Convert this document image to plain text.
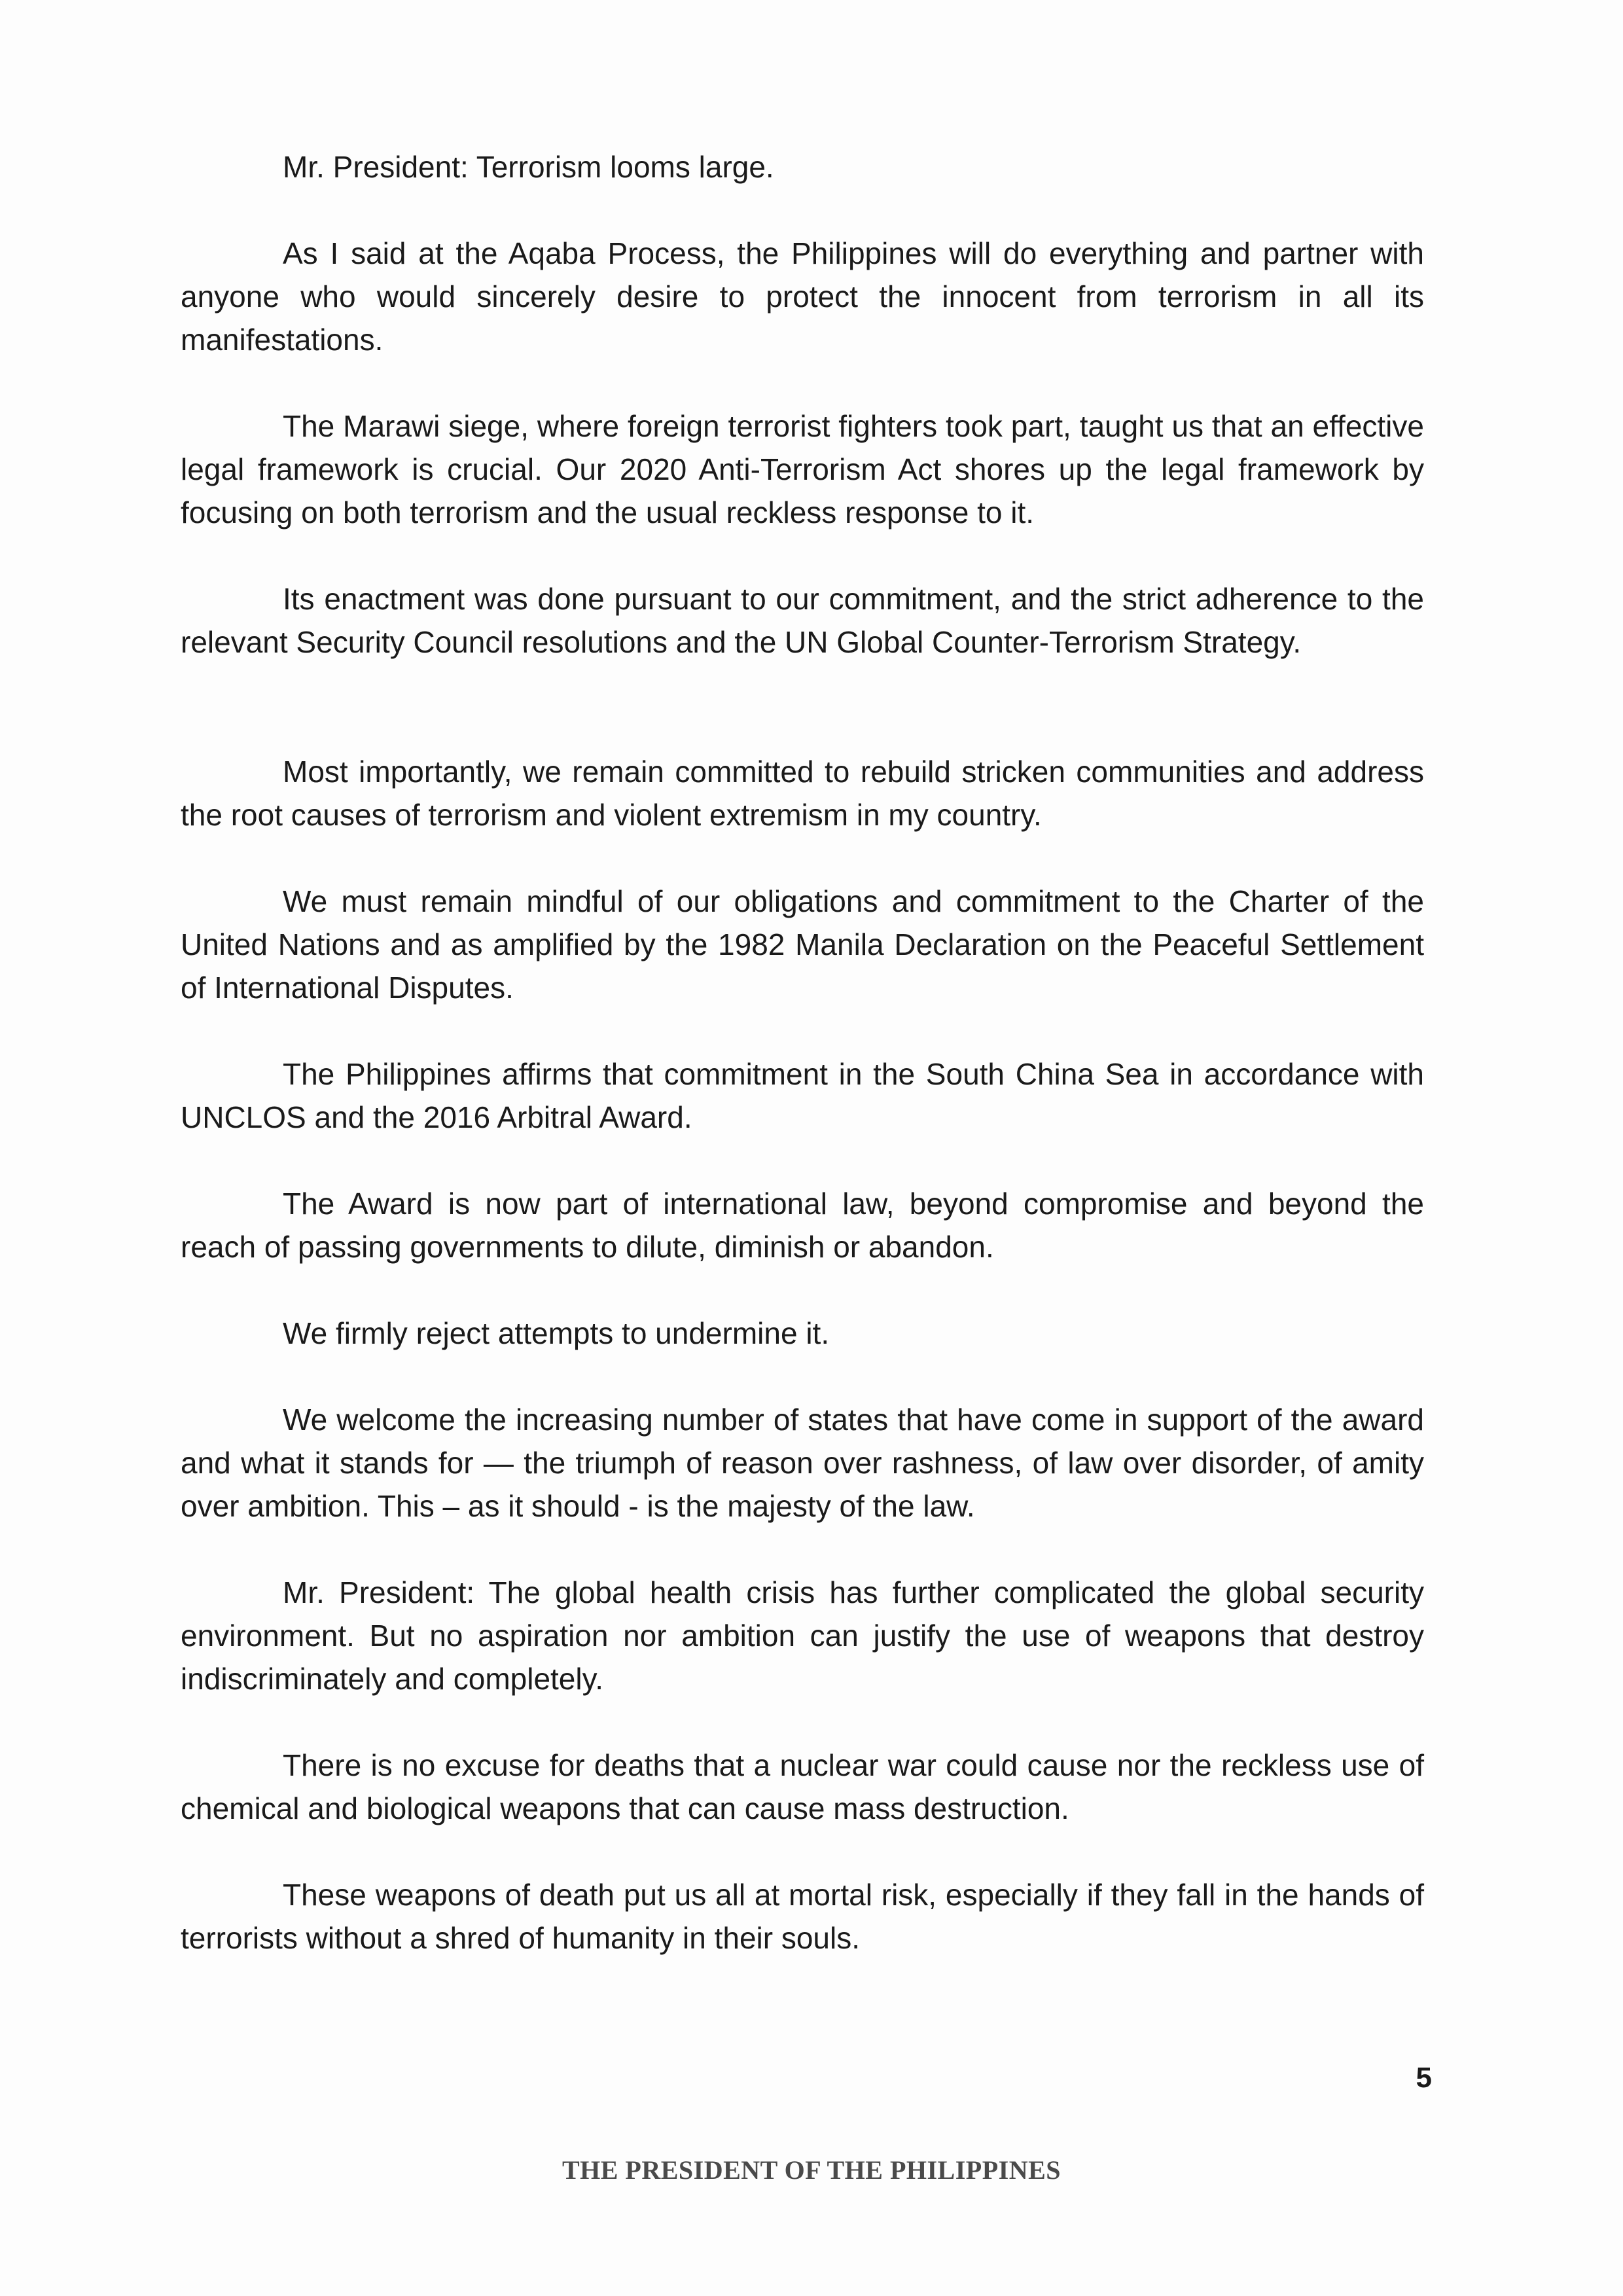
Mr. President: Terrorism looms large.

As I said at the Aqaba Process, the Philippines will do everything and partner with anyone who would sincerely desire to protect the innocent from terrorism in all its manifestations.

The Marawi siege, where foreign terrorist fighters took part, taught us that an effective legal framework is crucial. Our 2020 Anti-Terrorism Act shores up the legal framework by focusing on both terrorism and the usual reckless response to it.

Its enactment was done pursuant to our commitment, and the strict adherence to the relevant Security Council resolutions and the UN Global Counter-Terrorism Strategy.

Most importantly, we remain committed to rebuild stricken communities and address the root causes of terrorism and violent extremism in my country.

We must remain mindful of our obligations and commitment to the Charter of the United Nations and as amplified by the 1982 Manila Declaration on the Peaceful Settlement of International Disputes.

The Philippines affirms that commitment in the South China Sea in accordance with UNCLOS and the 2016 Arbitral Award.

The Award is now part of international law, beyond compromise and beyond the reach of passing governments to dilute, diminish or abandon.

We firmly reject attempts to undermine it.

We welcome the increasing number of states that have come in support of the award and what it stands for — the triumph of reason over rashness, of law over disorder, of amity over ambition. This – as it should - is the majesty of the law.

Mr. President: The global health crisis has further complicated the global security environment. But no aspiration nor ambition can justify the use of weapons that destroy indiscriminately and completely.

There is no excuse for deaths that a nuclear war could cause nor the reckless use of chemical and biological weapons that can cause mass destruction.

These weapons of death put us all at mortal risk, especially if they fall in the hands of terrorists without a shred of humanity in their souls.

5
THE PRESIDENT OF THE PHILIPPINES
